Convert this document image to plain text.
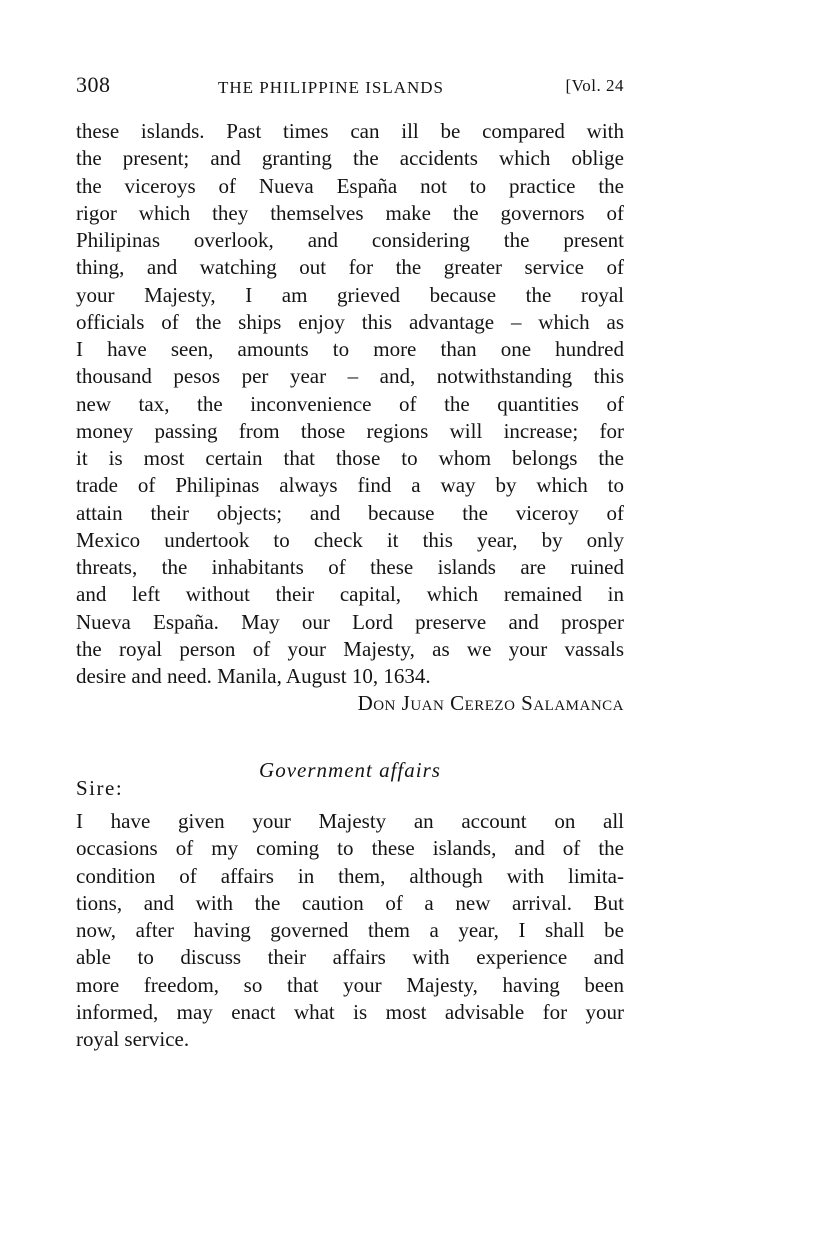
308	THE PHILIPPINE ISLANDS	[Vol. 24
these islands. Past times can ill be compared with
the present; and granting the accidents which oblige
the viceroys of Nueva España not to practice the
rigor which they themselves make the governors of
Philipinas overlook, and considering the present
thing, and watching out for the greater service of
your Majesty, I am grieved because the royal
officials of the ships enjoy this advantage – which as
I have seen, amounts to more than one hundred
thousand pesos per year – and, notwithstanding this
new tax, the inconvenience of the quantities of
money passing from those regions will increase; for
it is most certain that those to whom belongs the
trade of Philipinas always find a way by which to
attain their objects; and because the viceroy of
Mexico undertook to check it this year, by only
threats, the inhabitants of these islands are ruined
and left without their capital, which remained in
Nueva España. May our Lord preserve and prosper
the royal person of your Majesty, as we your vassals
desire and need. Manila, August 10, 1634.
Don Juan Cerezo Salamanca
Government affairs
Sire:
I have given your Majesty an account on all
occasions of my coming to these islands, and of the
condition of affairs in them, although with limita-
tions, and with the caution of a new arrival. But
now, after having governed them a year, I shall be
able to discuss their affairs with experience and
more freedom, so that your Majesty, having been
informed, may enact what is most advisable for your
royal service.
